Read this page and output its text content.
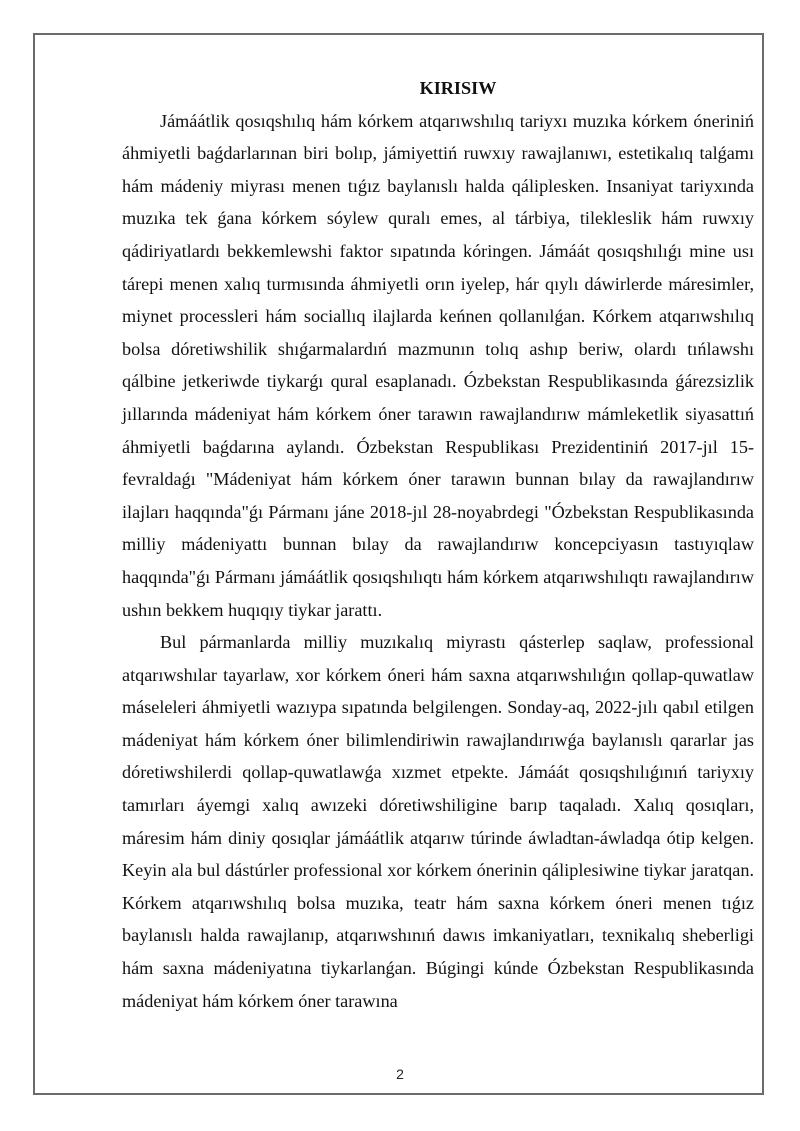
KIRISIW

Jámáátlik qosıqshılıq hám kórkem atqarıwshılıq tariyxı muzıka kórkem óneriniń áhmiyetli baǵdarlarınan biri bolıp, jámiyettiń ruwxıy rawajlanıwı, estetikalıq talǵamı hám mádeniy miyrası menen tıǵız baylanıslı halda qáliplesken. Insaniyat tariyxında muzıka tek ǵana kórkem sóylew quralı emes, al tárbiya, tilekleslik hám ruwxıy qádiriyatlardı bekkemlewshi faktor sıpatında kóringen. Jámáát qosıqshılıǵı mine usı tárepi menen xalıq turmısında áhmiyetli orın iyelep, hár qıylı dáwirlerde máresimler, miynet processleri hám sociallıq ilajlarda keńnen qollanılǵan. Kórkem atqarıwshılıq bolsa dóretiwshilik shıǵarmalardıń mazmunın tolıq ashıp beriw, olardı tıńlawshı qálbine jetkeriwde tiykarǵı qural esaplanadı. Ózbekstan Respublikasında ǵárezsizlik jıllarında mádeniyat hám kórkem óner tarawın rawajlandırıw mámleketlik siyasattıń áhmiyetli baǵdarına aylandı. Ózbekstan Respublikası Prezidentiniń 2017-jıl 15-fevraldaǵı "Mádeniyat hám kórkem óner tarawın bunnan bılay da rawajlandırıw ilajları haqqında"ǵı Pármanı jáne 2018-jıl 28-noyabrdegi "Ózbekstan Respublikasında milliy mádeniyattı bunnan bılay da rawajlandırıw koncepciyasın tastıyıqlaw haqqında"ǵı Pármanı jámáátlik qosıqshılıqtı hám kórkem atqarıwshılıqtı rawajlandırıw ushın bekkem huqıqıy tiykar jarattı.

Bul pármanlarda milliy muzıkalıq miyrastı qásterlep saqlaw, professional atqarıwshılar tayarlaw, xor kórkem óneri hám saxna atqarıwshılıǵın qollap-quwatlaw máseleleri áhmiyetli wazıypa sıpatında belgilengen. Sonday-aq, 2022-jılı qabıl etilgen mádeniyat hám kórkem óner bilimlendiriwin rawajlandırıwǵa baylanıslı qararlar jas dóretiwshilerdi qollap-quwatlawǵa xızmet etpekte. Jámáát qosıqshılıǵınıń tariyxıy tamırları áyemgi xalıq awızeki dóretiwshiligine barıp taqaladı. Xalıq qosıqları, máresim hám diniy qosıqlar jámáátlik atqarıw túrinde áwladtan-áwladqa ótip kelgen. Keyin ala bul dástúrler professional xor kórkem ónerinin qáliplesiwine tiykar jaratqan. Kórkem atqarıwshılıq bolsa muzıka, teatr hám saxna kórkem óneri menen tıǵız baylanıslı halda rawajlanıp, atqarıwshınıń dawıs imkaniyatları, texnikalıq sheberligi hám saxna mádeniyatına tiykarlanǵan. Búgingi kúnde Ózbekstan Respublikasında mádeniyat hám kórkem óner tarawına

2
